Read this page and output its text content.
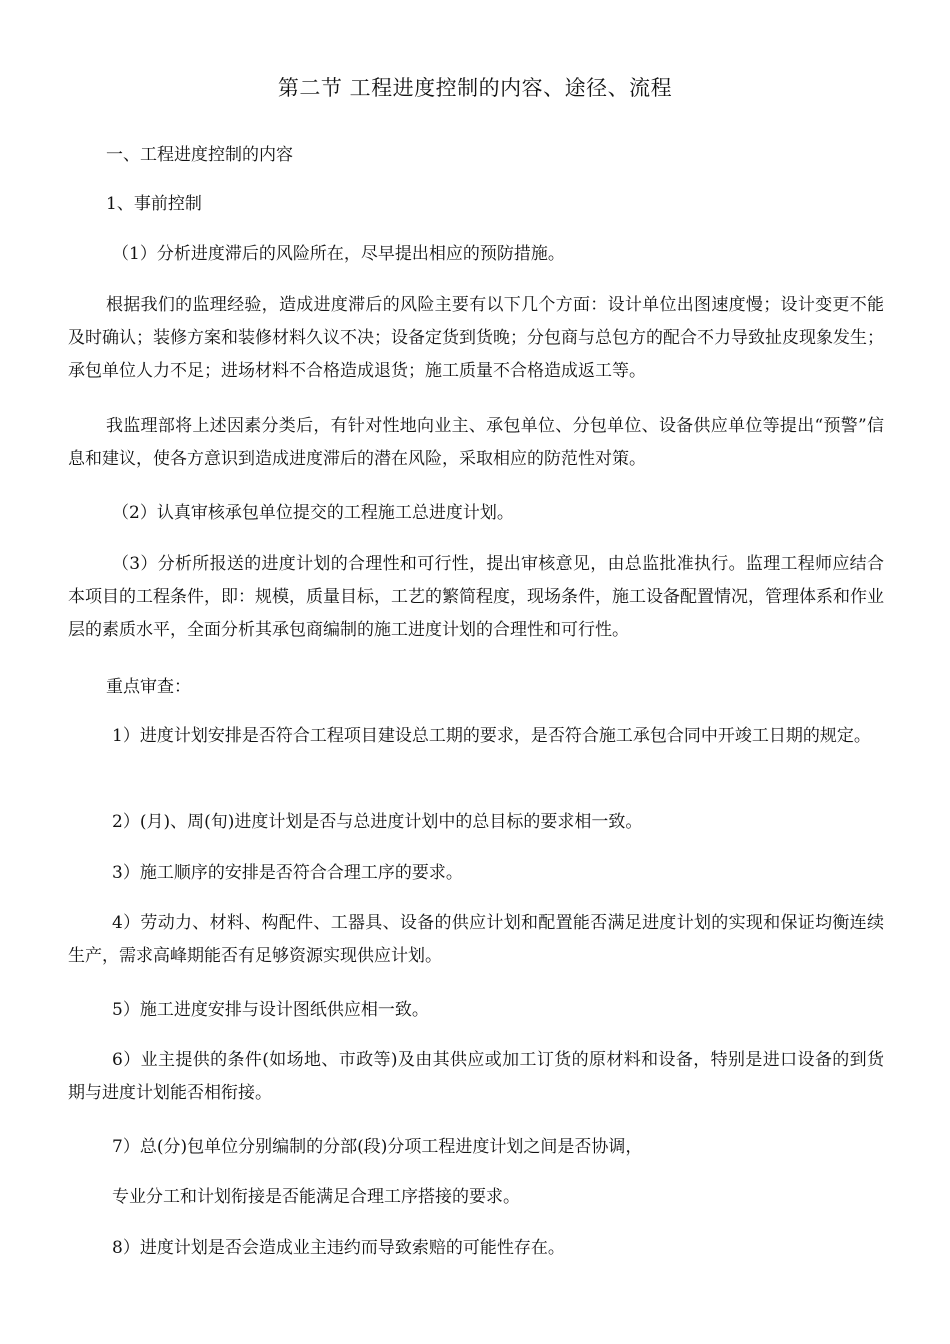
第二节 工程进度控制的内容、途径、流程

一、工程进度控制的内容

1、事前控制

（1）分析进度滞后的风险所在，尽早提出相应的预防措施。

根据我们的监理经验，造成进度滞后的风险主要有以下几个方面：设计单位出图速度慢；设计变更不能及时确认；装修方案和装修材料久议不决；设备定货到货晚；分包商与总包方的配合不力导致扯皮现象发生；承包单位人力不足；进场材料不合格造成退货；施工质量不合格造成返工等。

我监理部将上述因素分类后，有针对性地向业主、承包单位、分包单位、设备供应单位等提出“预警”信息和建议，使各方意识到造成进度滞后的潜在风险，采取相应的防范性对策。

（2）认真审核承包单位提交的工程施工总进度计划。

（3）分析所报送的进度计划的合理性和可行性，提出审核意见，由总监批准执行。监理工程师应结合本项目的工程条件，即：规模，质量目标，工艺的繁简程度，现场条件，施工设备配置情况，管理体系和作业层的素质水平，全面分析其承包商编制的施工进度计划的合理性和可行性。

重点审查：

1）进度计划安排是否符合工程项目建设总工期的要求，是否符合施工承包合同中开竣工日期的规定。

2）(月)、周(旬)进度计划是否与总进度计划中的总目标的要求相一致。

3）施工顺序的安排是否符合合理工序的要求。

4）劳动力、材料、构配件、工器具、设备的供应计划和配置能否满足进度计划的实现和保证均衡连续生产，需求高峰期能否有足够资源实现供应计划。

5）施工进度安排与设计图纸供应相一致。

6）业主提供的条件(如场地、市政等)及由其供应或加工订货的原材料和设备，特别是进口设备的到货期与进度计划能否相衔接。

7）总(分)包单位分别编制的分部(段)分项工程进度计划之间是否协调，

专业分工和计划衔接是否能满足合理工序搭接的要求。

8）进度计划是否会造成业主违约而导致索赔的可能性存在。
